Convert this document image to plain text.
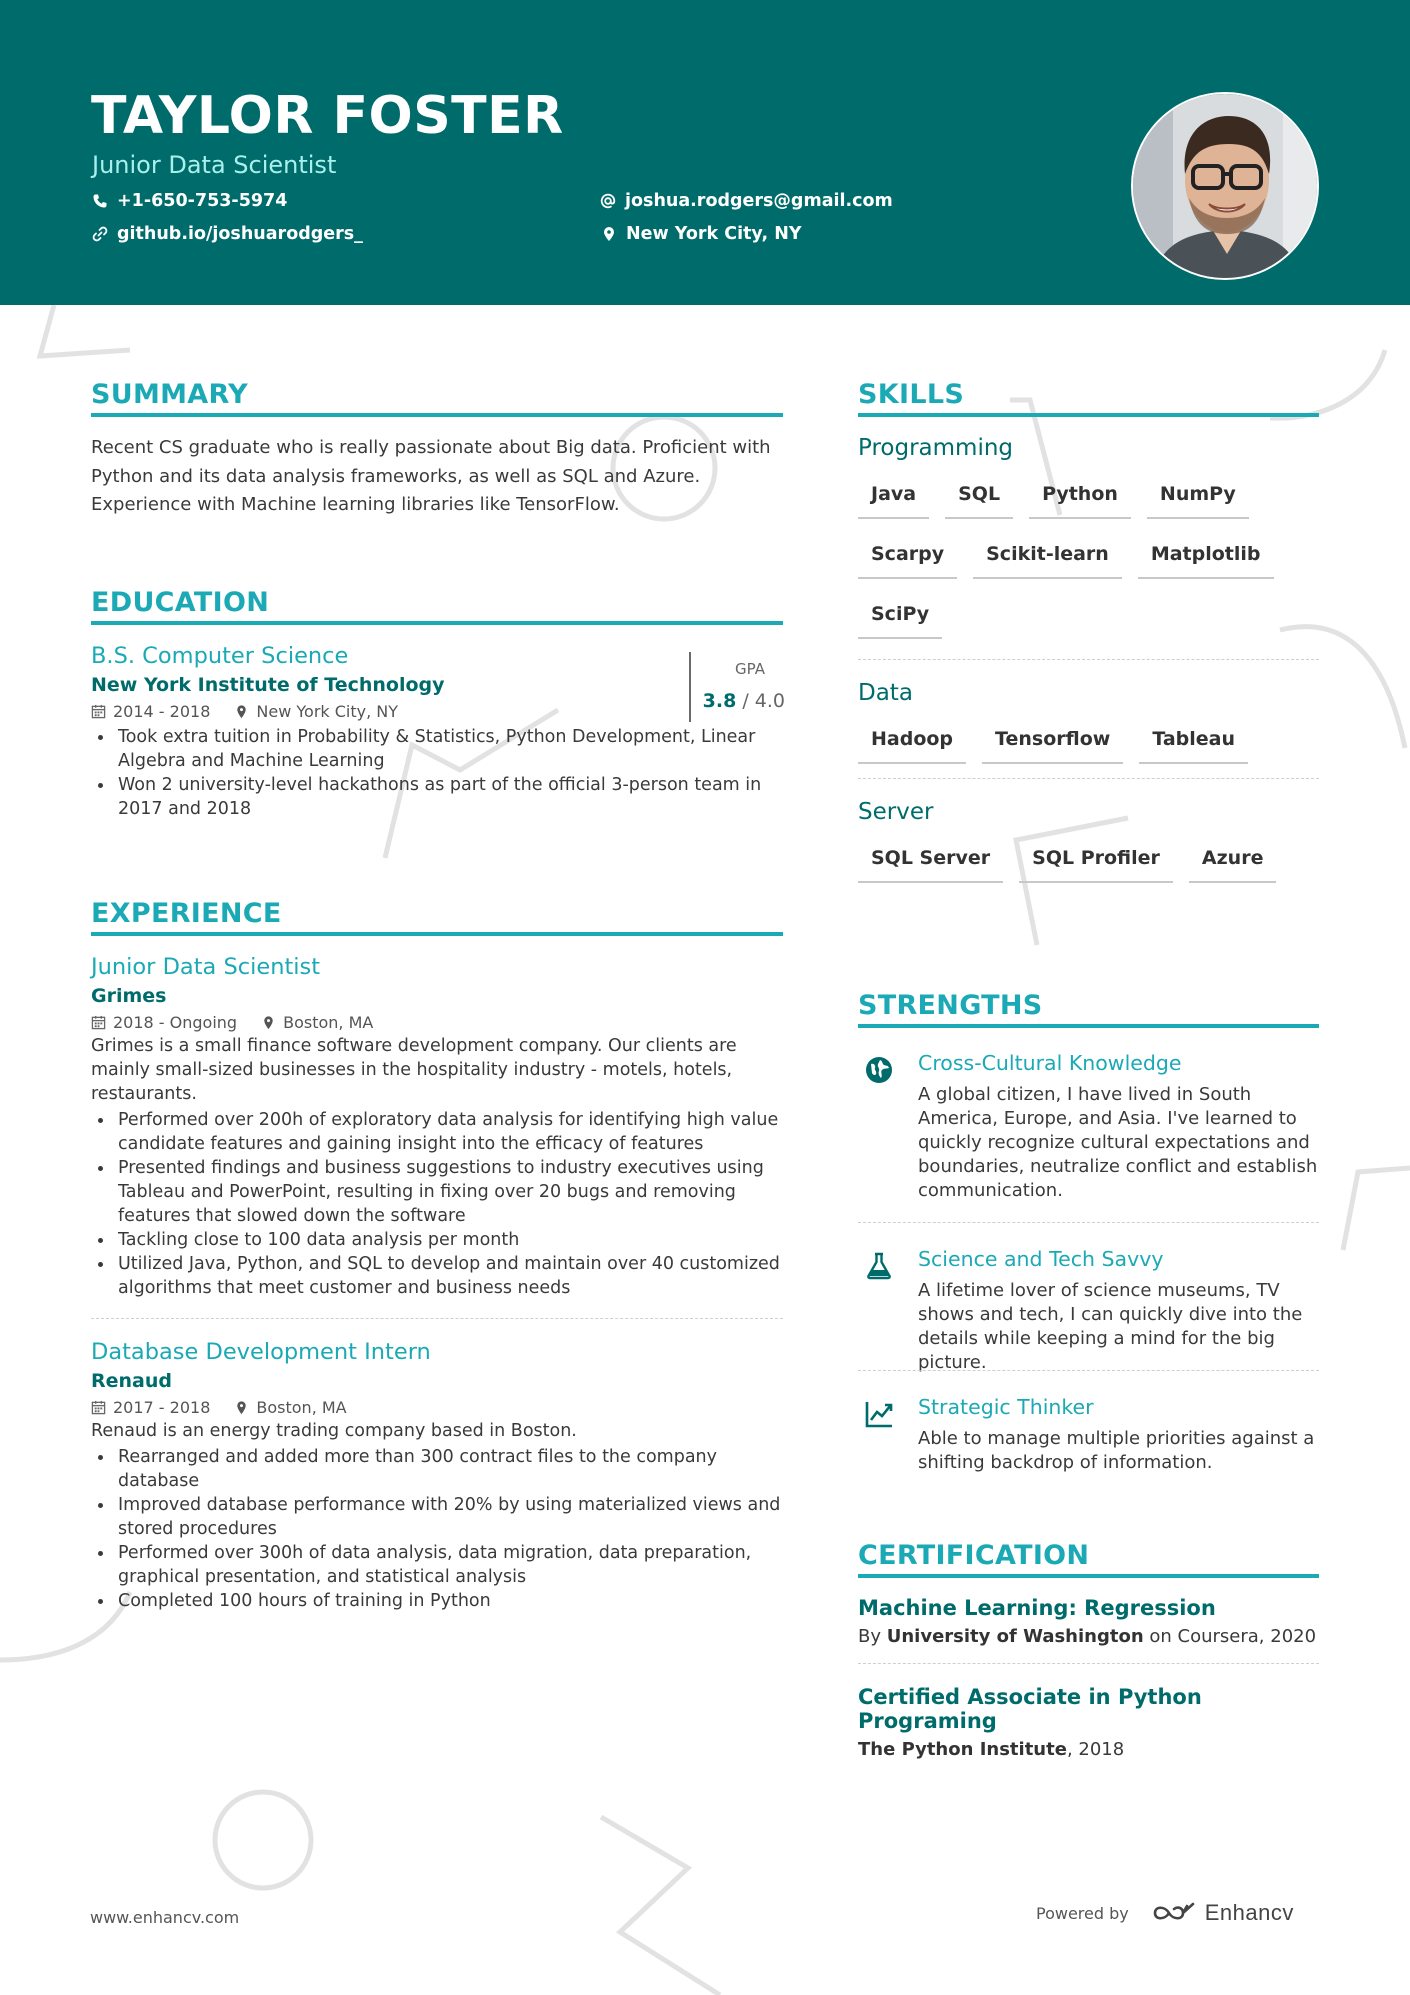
TAYLOR FOSTER
Junior Data Scientist
+1-650-753-5974	joshua.rodgers@gmail.com
github.io/joshuarodgers_	New York City, NY
SUMMARY
Recent CS graduate who is really passionate about Big data. Proficient with Python and its data analysis frameworks, as well as SQL and Azure. Experience with Machine learning libraries like TensorFlow.
EDUCATION
B.S. Computer Science
New York Institute of Technology
2014 - 2018	New York City, NY
Took extra tuition in Probability & Statistics, Python Development, Linear Algebra and Machine Learning
Won 2 university-level hackathons as part of the official 3-person team in 2017 and 2018
GPA
3.8 / 4.0
EXPERIENCE
Junior Data Scientist
Grimes
2018 - Ongoing	Boston, MA
Grimes is a small finance software development company. Our clients are mainly small-sized businesses in the hospitality industry - motels, hotels, restaurants.
Performed over 200h of exploratory data analysis for identifying high value candidate features and gaining insight into the efficacy of features
Presented findings and business suggestions to industry executives using Tableau and PowerPoint, resulting in fixing over 20 bugs and removing features that slowed down the software
Tackling close to 100 data analysis per month
Utilized Java, Python, and SQL to develop and maintain over 40 customized algorithms that meet customer and business needs
Database Development Intern
Renaud
2017 - 2018	Boston, MA
Renaud is an energy trading company based in Boston.
Rearranged and added more than 300 contract files to the company database
Improved database performance with 20% by using materialized views and stored procedures
Performed over 300h of data analysis, data migration, data preparation, graphical presentation, and statistical analysis
Completed 100 hours of training in Python
SKILLS
Programming
Java	SQL	Python	NumPy
Scarpy	Scikit-learn	Matplotlib
SciPy
Data
Hadoop	Tensorflow	Tableau
Server
SQL Server	SQL Profiler	Azure
STRENGTHS
Cross-Cultural Knowledge
A global citizen, I have lived in South America, Europe, and Asia. I've learned to quickly recognize cultural expectations and boundaries, neutralize conflict and establish communication.
Science and Tech Savvy
A lifetime lover of science museums, TV shows and tech, I can quickly dive into the details while keeping a mind for the big picture.
Strategic Thinker
Able to manage multiple priorities against a shifting backdrop of information.
CERTIFICATION
Machine Learning: Regression
By University of Washington on Coursera, 2020
Certified Associate in Python Programing
The Python Institute, 2018
www.enhancv.com	Powered by	Enhancv
